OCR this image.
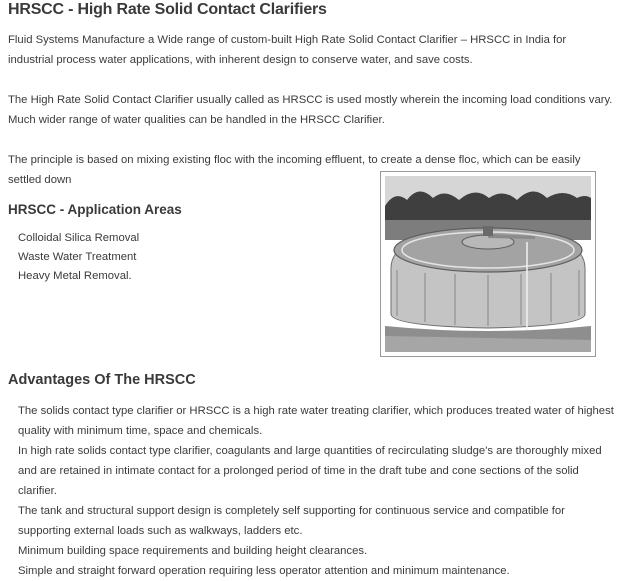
HRSCC - High Rate Solid Contact Clarifiers

Fluid Systems Manufacture a Wide range of custom-built High Rate Solid Contact Clarifier – HRSCC in India for industrial process water applications, with inherent design to conserve water, and save costs.

The High Rate Solid Contact Clarifier usually called as HRSCC is used mostly wherein the incoming load conditions vary. Much wider range of water qualities can be handled in the HRSCC Clarifier.

The principle is based on mixing existing floc with the incoming effluent, to create a dense floc, which can be easily settled down

HRSCC - Application Areas
Colloidal Silica Removal
Waste Water Treatment
Heavy Metal Removal.
Advantages Of The HRSCC
The solids contact type clarifier or HRSCC is a high rate water treating clarifier, which produces treated water of highest quality with minimum time, space and chemicals.
In high rate solids contact type clarifier, coagulants and large quantities of recirculating sludge's are thoroughly mixed and are retained in intimate contact for a prolonged period of time in the draft tube and cone sections of the solid clarifier.
The tank and structural support design is completely self supporting for continuous service and compatible for supporting external loads such as walkways, ladders etc.
Minimum building space requirements and building height clearances.
Simple and straight forward operation requiring less operator attention and minimum maintenance.
